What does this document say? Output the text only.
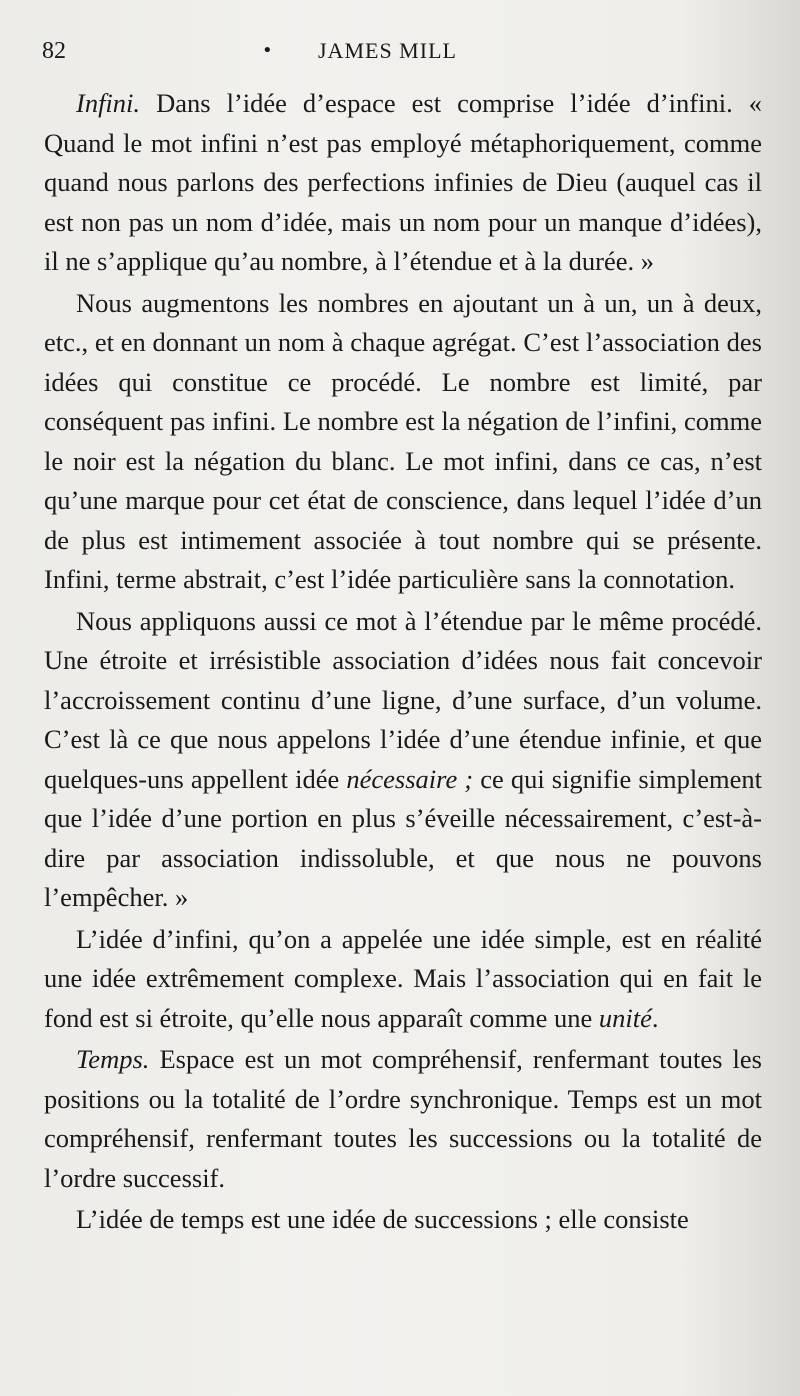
82	• JAMES MILL

Infini. Dans l’idée d’espace est comprise l’idée d’infini. « Quand le mot infini n’est pas employé métaphoriquement, comme quand nous parlons des perfections infinies de Dieu (auquel cas il est non pas un nom d’idée, mais un nom pour un manque d’idées), il ne s’applique qu’au nombre, à l’étendue et à la durée. »

Nous augmentons les nombres en ajoutant un à un, un à deux, etc., et en donnant un nom à chaque agrégat. C’est l’association des idées qui constitue ce procédé. Le nombre est limité, par conséquent pas infini. Le nombre est la négation de l’infini, comme le noir est la négation du blanc. Le mot infini, dans ce cas, n’est qu’une marque pour cet état de conscience, dans lequel l’idée d’un de plus est intimement associée à tout nombre qui se présente. Infini, terme abstrait, c’est l’idée particulière sans la connotation.

Nous appliquons aussi ce mot à l’étendue par le même procédé. Une étroite et irrésistible association d’idées nous fait concevoir l’accroissement continu d’une ligne, d’une surface, d’un volume. C’est là ce que nous appelons l’idée d’une étendue infinie, et que quelques-uns appellent idée nécessaire ; ce qui signifie simplement que l’idée d’une portion en plus s’éveille nécessairement, c’est-à-dire par association indissoluble, et que nous ne pouvons l’empêcher. »

L’idée d’infini, qu’on a appelée une idée simple, est en réalité une idée extrêmement complexe. Mais l’association qui en fait le fond est si étroite, qu’elle nous apparaît comme une unité.

Temps. Espace est un mot compréhensif, renfermant toutes les positions ou la totalité de l’ordre synchronique. Temps est un mot compréhensif, renfermant toutes les successions ou la totalité de l’ordre successif.

L’idée de temps est une idée de successions ; elle consiste
